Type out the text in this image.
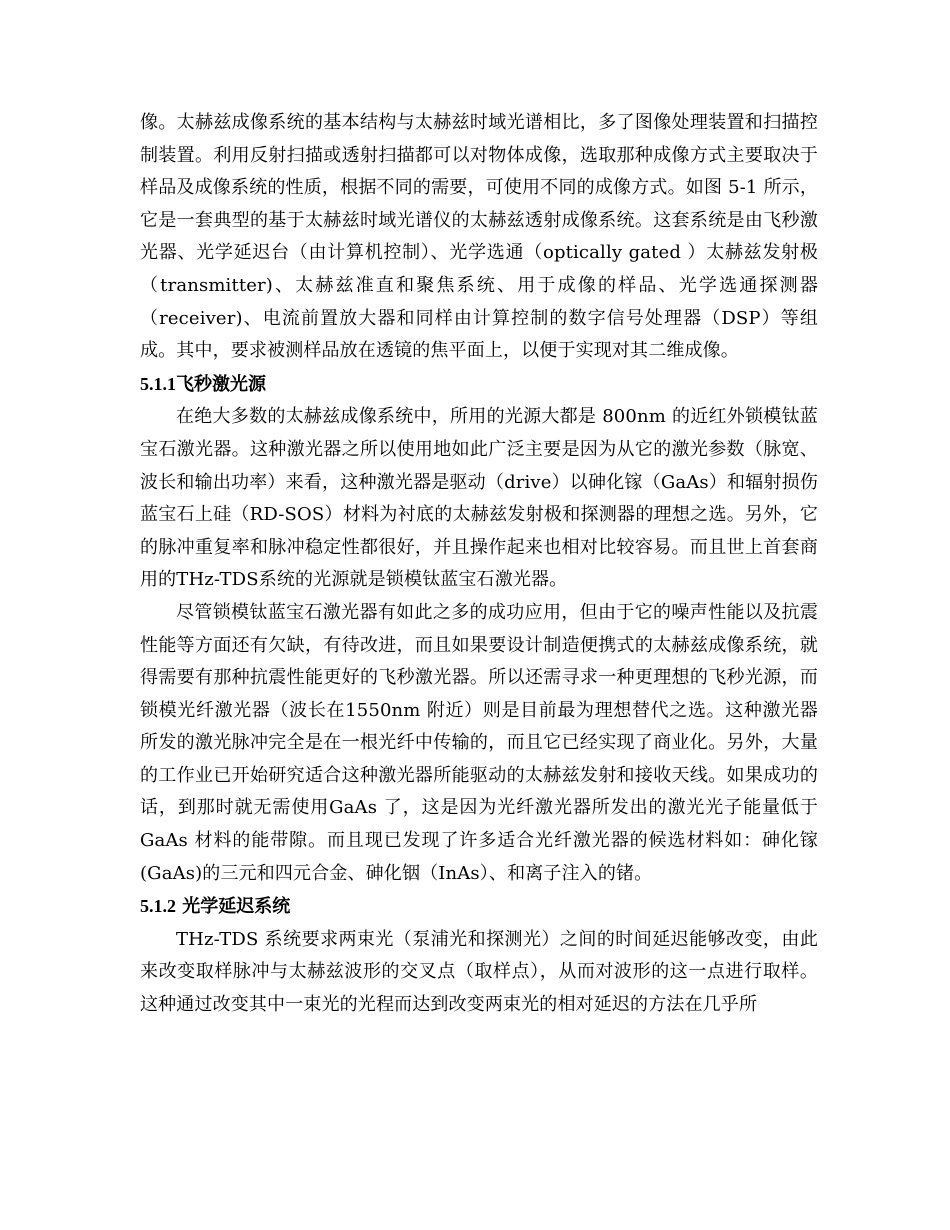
像。太赫兹成像系统的基本结构与太赫兹时域光谱相比，多了图像处理装置和扫描控制装置。利用反射扫描或透射扫描都可以对物体成像，选取那种成像方式主要取决于样品及成像系统的性质，根据不同的需要，可使用不同的成像方式。如图 5-1 所示，它是一套典型的基于太赫兹时域光谱仪的太赫兹透射成像系统。这套系统是由飞秒激光器、光学延迟台（由计算机控制）、光学选通（optically gated ）太赫兹发射极（transmitter)、太赫兹准直和聚焦系统、用于成像的样品、光学选通探测器（receiver)、电流前置放大器和同样由计算控制的数字信号处理器（DSP）等组成。其中，要求被测样品放在透镜的焦平面上，以便于实现对其二维成像。

5.1.1飞秒激光源

在绝大多数的太赫兹成像系统中，所用的光源大都是 800nm 的近红外锁模钛蓝宝石激光器。这种激光器之所以使用地如此广泛主要是因为从它的激光参数（脉宽、波长和输出功率）来看，这种激光器是驱动（drive）以砷化镓（GaAs）和辐射损伤蓝宝石上硅（RD-SOS）材料为衬底的太赫兹发射极和探测器的理想之选。另外，它的脉冲重复率和脉冲稳定性都很好，并且操作起来也相对比较容易。而且世上首套商用的THz-TDS系统的光源就是锁模钛蓝宝石激光器。

尽管锁模钛蓝宝石激光器有如此之多的成功应用，但由于它的噪声性能以及抗震性能等方面还有欠缺，有待改进，而且如果要设计制造便携式的太赫兹成像系统，就得需要有那种抗震性能更好的飞秒激光器。所以还需寻求一种更理想的飞秒光源，而锁模光纤激光器（波长在1550nm 附近）则是目前最为理想替代之选。这种激光器所发的激光脉冲完全是在一根光纤中传输的，而且它已经实现了商业化。另外，大量的工作业已开始研究适合这种激光器所能驱动的太赫兹发射和接收天线。如果成功的话，到那时就无需使用GaAs 了，这是因为光纤激光器所发出的激光光子能量低于 GaAs 材料的能带隙。而且现已发现了许多适合光纤激光器的候选材料如：砷化镓(GaAs)的三元和四元合金、砷化铟（InAs）、和离子注入的锗。

5.1.2 光学延迟系统

THz-TDS 系统要求两束光（泵浦光和探测光）之间的时间延迟能够改变，由此来改变取样脉冲与太赫兹波形的交叉点（取样点），从而对波形的这一点进行取样。这种通过改变其中一束光的光程而达到改变两束光的相对延迟的方法在几乎所
